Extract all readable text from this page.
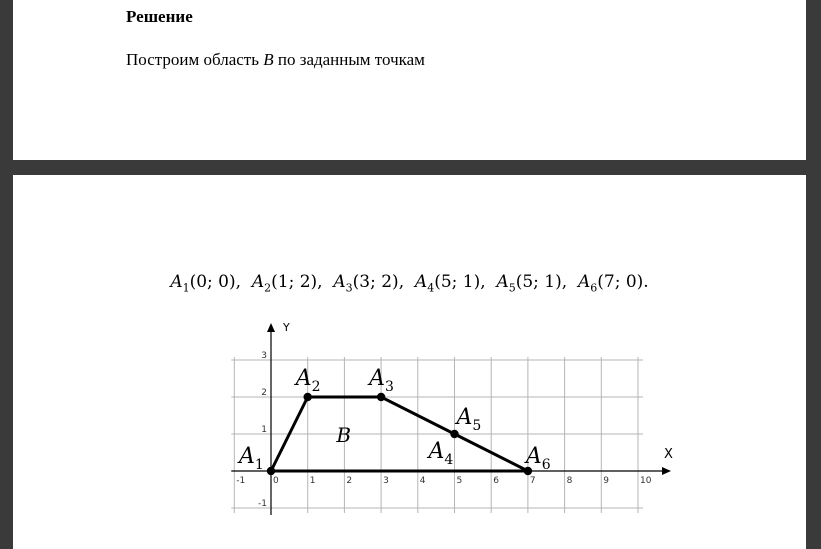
Решение
Построим область B по заданным точкам
$A_1(0$; 0),  $A_2(1$; 2),  $A_3(3$; 2),  $A_4(5$; 1),  $A_5(5$; 1),  $A_6(7$; 0).
X
Y
-1	0	1	2	3	4	5	6	7	8	9	10
-1
1
2
3
B
$A_1$
$A_2$ $A_3$
$A_4$
$A_5$
$A_6$
